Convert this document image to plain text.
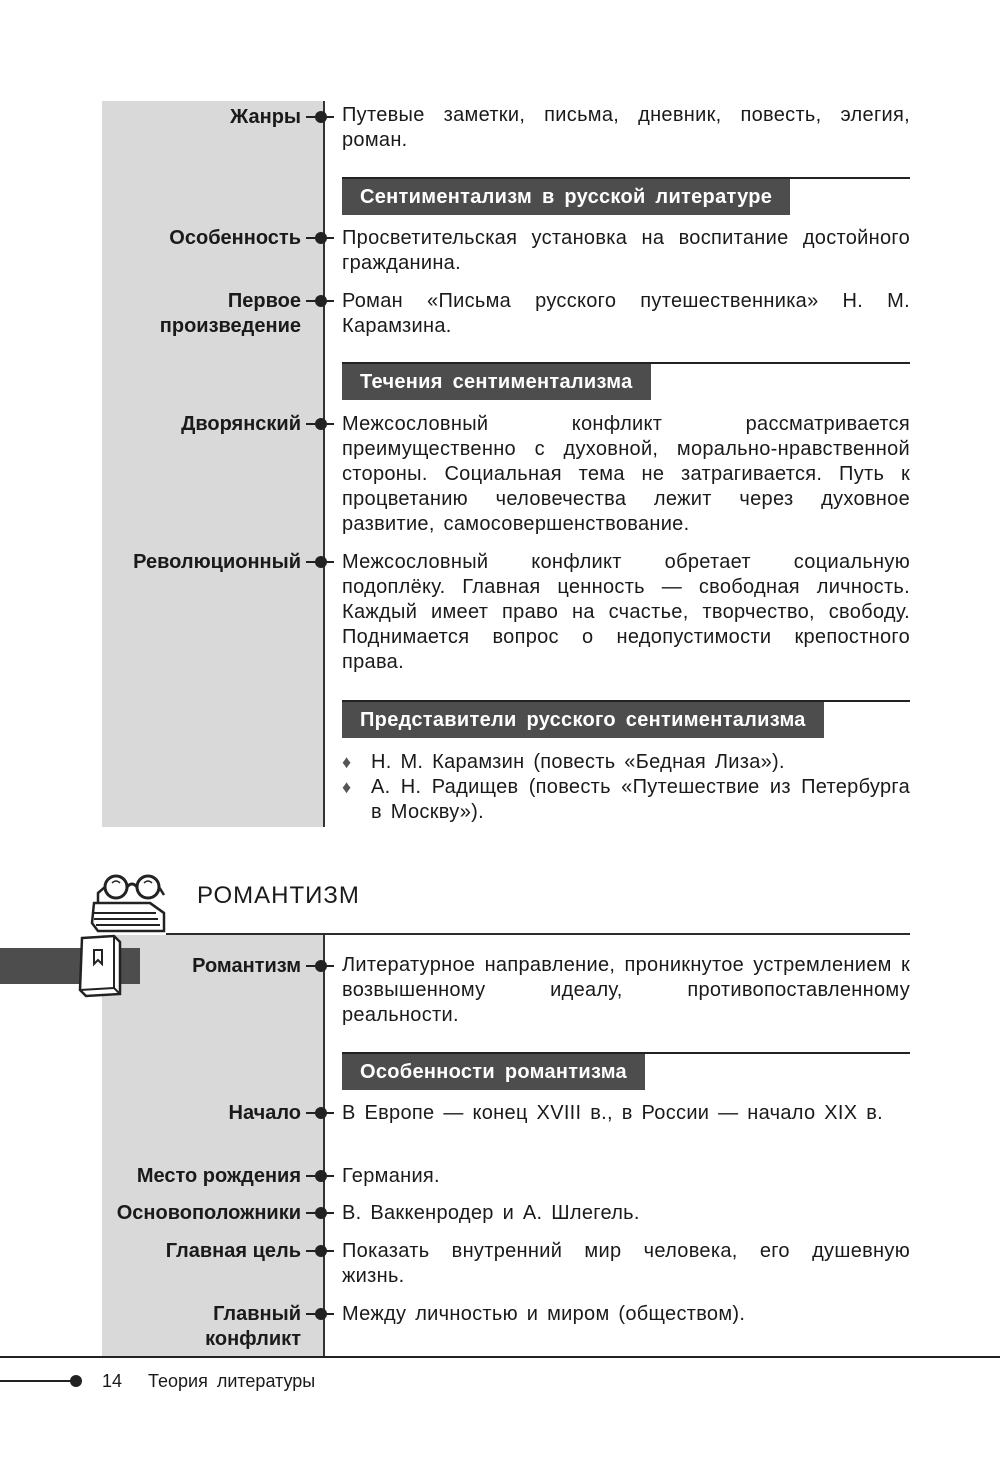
Жанры Путевые заметки, письма, дневник, повесть, элегия, роман.
Сентиментализм в русской литературе
Особенность Просветительская установка на воспитание достойного гражданина.
Первое произведение
Роман «Письма русского путешественника» Н. М. Карамзина.
Течения сентиментализма
Дворянский Межсословный конфликт рассматривается преимущественно с духовной, морально-нравственной стороны. Социальная тема не затрагивается. Путь к процветанию человечества лежит через духовное развитие, самосовершенствование.
Революционный Межсословный конфликт обретает социальную подоплёку. Главная ценность — свободная личность. Каждый имеет право на счастье, творчество, свободу. Поднимается вопрос о недопустимости крепостного права.
Представители русского сентиментализма
♦ Н. М. Карамзин (повесть «Бедная Лиза»).
♦ А. Н. Радищев (повесть «Путешествие из Петербурга в Москву»).
РОМАНТИЗМ
Романтизм Литературное направление, проникнутое устремлением к возвышенному идеалу, противопоставленному реальности.
Особенности романтизма
Начало В Европе — конец XVIII в., в России — начало XIX в.
Место рождения Германия.
Основоположники В. Ваккенродер и А. Шлегель.
Главная цель Показать внутренний мир человека, его душевную жизнь.
Главный конфликт
Между личностью и миром (обществом).
14 Теория литературы
